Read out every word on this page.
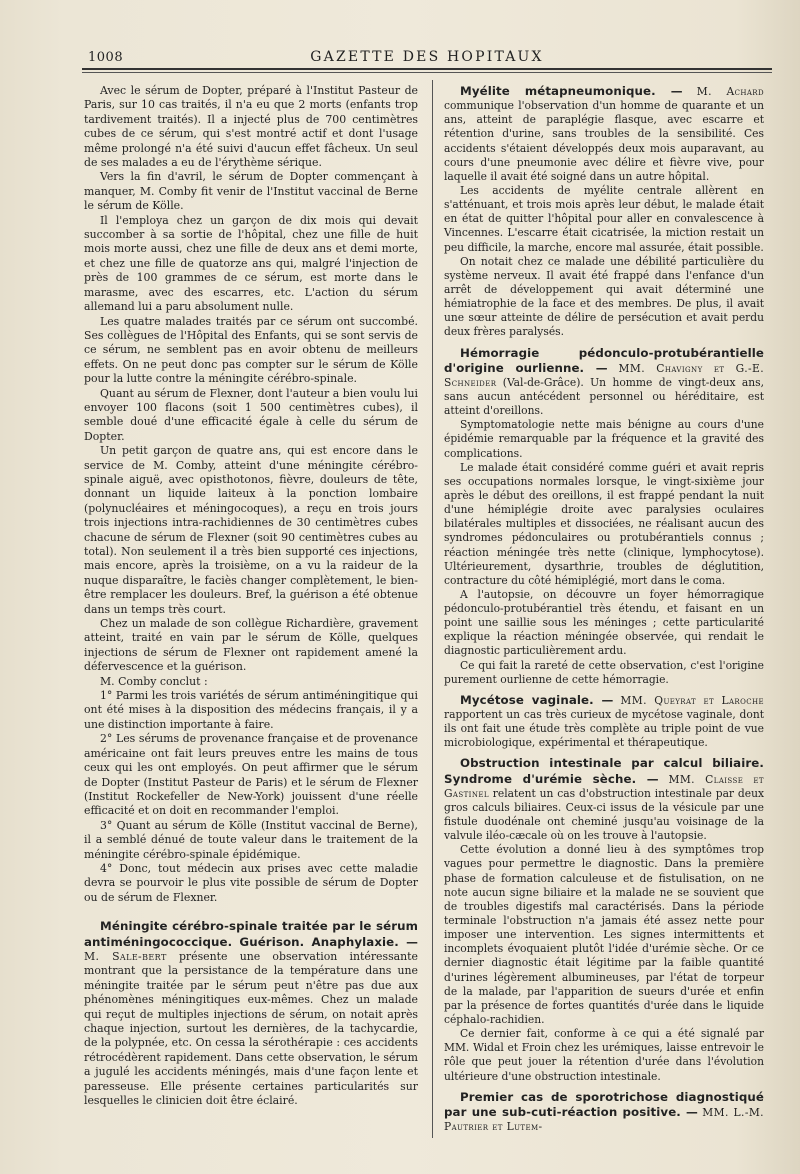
1008	GAZETTE DES HOPITAUX

Avec le sérum de Dopter, préparé à l'Institut Pasteur de Paris, sur 10 cas traités, il n'a eu que 2 morts (enfants trop tardivement traités). Il a injecté plus de 700 centimètres cubes de ce sérum, qui s'est montré actif et dont l'usage même prolongé n'a été suivi d'aucun effet fâcheux. Un seul de ses malades a eu de l'érythème sérique.

Vers la fin d'avril, le sérum de Dopter commençant à manquer, M. Comby fit venir de l'Institut vaccinal de Berne le sérum de Kölle.

Il l'employa chez un garçon de dix mois qui devait succomber à sa sortie de l'hôpital, chez une fille de huit mois morte aussi, chez une fille de deux ans et demi morte, et chez une fille de quatorze ans qui, malgré l'injection de près de 100 grammes de ce sérum, est morte dans le marasme, avec des escarres, etc. L'action du sérum allemand lui a paru absolument nulle.

Les quatre malades traités par ce sérum ont succombé. Ses collègues de l'Hôpital des Enfants, qui se sont servis de ce sérum, ne semblent pas en avoir obtenu de meilleurs effets. On ne peut donc pas compter sur le sérum de Kölle pour la lutte contre la méningite cérébro-spinale.

Quant au sérum de Flexner, dont l'auteur a bien voulu lui envoyer 100 flacons (soit 1 500 centimètres cubes), il semble doué d'une efficacité égale à celle du sérum de Dopter.

Un petit garçon de quatre ans, qui est encore dans le service de M. Comby, atteint d'une méningite cérébro-spinale aiguë, avec opisthotonos, fièvre, douleurs de tête, donnant un liquide laiteux à la ponction lombaire (polynucléaires et méningocoques), a reçu en trois jours trois injections intra-rachidiennes de 30 centimètres cubes chacune de sérum de Flexner (soit 90 centimètres cubes au total). Non seulement il a très bien supporté ces injections, mais encore, après la troisième, on a vu la raideur de la nuque disparaître, le faciès changer complètement, le bien-être remplacer les douleurs. Bref, la guérison a été obtenue dans un temps très court.

Chez un malade de son collègue Richardière, gravement atteint, traité en vain par le sérum de Kölle, quelques injections de sérum de Flexner ont rapidement amené la défervescence et la guérison.

M. Comby conclut :

1° Parmi les trois variétés de sérum antiméningitique qui ont été mises à la disposition des médecins français, il y a une distinction importante à faire.

2° Les sérums de provenance française et de provenance américaine ont fait leurs preuves entre les mains de tous ceux qui les ont employés. On peut affirmer que le sérum de Dopter (Institut Pasteur de Paris) et le sérum de Flexner (Institut Rockefeller de New-York) jouissent d'une réelle efficacité et on doit en recommander l'emploi.

3° Quant au sérum de Kölle (Institut vaccinal de Berne), il a semblé dénué de toute valeur dans le traitement de la méningite cérébro-spinale épidémique.

4° Donc, tout médecin aux prises avec cette maladie devra se pourvoir le plus vite possible de sérum de Dopter ou de sérum de Flexner.

Méningite cérébro-spinale traitée par le sérum antiméningococcique. Guérison. Anaphylaxie. — M. Sale-bert présente une observation intéressante montrant que la persistance de la température dans une méningite traitée par le sérum peut n'être pas due aux phénomènes méningitiques eux-mêmes. Chez un malade qui reçut de multiples injections de sérum, on notait après chaque injection, surtout les dernières, de la tachycardie, de la polypnée, etc. On cessa la sérothérapie : ces accidents rétrocédèrent rapidement. Dans cette observation, le sérum a jugulé les accidents méningés, mais d'une façon lente et paresseuse. Elle présente certaines particularités sur lesquelles le clinicien doit être éclairé.

Myélite métapneumonique. — M. Achard communique l'observation d'un homme de quarante et un ans, atteint de paraplégie flasque, avec escarre et rétention d'urine, sans troubles de la sensibilité. Ces accidents s'étaient développés deux mois auparavant, au cours d'une pneumonie avec délire et fièvre vive, pour laquelle il avait été soigné dans un autre hôpital.

Les accidents de myélite centrale allèrent en s'atténuant, et trois mois après leur début, le malade était en état de quitter l'hôpital pour aller en convalescence à Vincennes. L'escarre était cicatrisée, la miction restait un peu difficile, la marche, encore mal assurée, était possible.

On notait chez ce malade une débilité particulière du système nerveux. Il avait été frappé dans l'enfance d'un arrêt de développement qui avait déterminé une hémiatrophie de la face et des membres. De plus, il avait une sœur atteinte de délire de persécution et avait perdu deux frères paralysés.

Hémorragie pédonculo-protubérantielle d'origine ourlienne. — MM. Chavigny et G.-E. Schneider (Val-de-Grâce). Un homme de vingt-deux ans, sans aucun antécédent personnel ou héréditaire, est atteint d'oreillons.

Symptomatologie nette mais bénigne au cours d'une épidémie remarquable par la fréquence et la gravité des complications.

Le malade était considéré comme guéri et avait repris ses occupations normales lorsque, le vingt-sixième jour après le début des oreillons, il est frappé pendant la nuit d'une hémiplégie droite avec paralysies oculaires bilatérales multiples et dissociées, ne réalisant aucun des syndromes pédonculaires ou protubérantiels connus ; réaction méningée très nette (clinique, lymphocytose). Ultérieurement, dysarthrie, troubles de déglutition, contracture du côté hémiplégié, mort dans le coma.

A l'autopsie, on découvre un foyer hémorragique pédonculo-protubérantiel très étendu, et faisant en un point une saillie sous les méninges ; cette particularité explique la réaction méningée observée, qui rendait le diagnostic particulièrement ardu.

Ce qui fait la rareté de cette observation, c'est l'origine purement ourlienne de cette hémorragie.

Mycétose vaginale. — MM. Queyrat et Laroche rapportent un cas très curieux de mycétose vaginale, dont ils ont fait une étude très complète au triple point de vue microbiologique, expérimental et thérapeutique.

Obstruction intestinale par calcul biliaire. Syndrome d'urémie sèche. — MM. Claisse et Gastinel relatent un cas d'obstruction intestinale par deux gros calculs biliaires. Ceux-ci issus de la vésicule par une fistule duodénale ont cheminé jusqu'au voisinage de la valvule iléo-cæcale où on les trouve à l'autopsie.

Cette évolution a donné lieu à des symptômes trop vagues pour permettre le diagnostic. Dans la première phase de formation calculeuse et de fistulisation, on ne note aucun signe biliaire et la malade ne se souvient que de troubles digestifs mal caractérisés. Dans la période terminale l'obstruction n'a jamais été assez nette pour imposer une intervention. Les signes intermittents et incomplets évoquaient plutôt l'idée d'urémie sèche. Or ce dernier diagnostic était légitime par la faible quantité d'urines légèrement albumineuses, par l'état de torpeur de la malade, par l'apparition de sueurs d'urée et enfin par la présence de fortes quantités d'urée dans le liquide céphalo-rachidien.

Ce dernier fait, conforme à ce qui a été signalé par MM. Widal et Froin chez les urémiques, laisse entrevoir le rôle que peut jouer la rétention d'urée dans l'évolution ultérieure d'une obstruction intestinale.

Premier cas de sporotrichose diagnostiqué par une sub-cuti-réaction positive. — MM. L.-M. Pautrier et Lutem-
